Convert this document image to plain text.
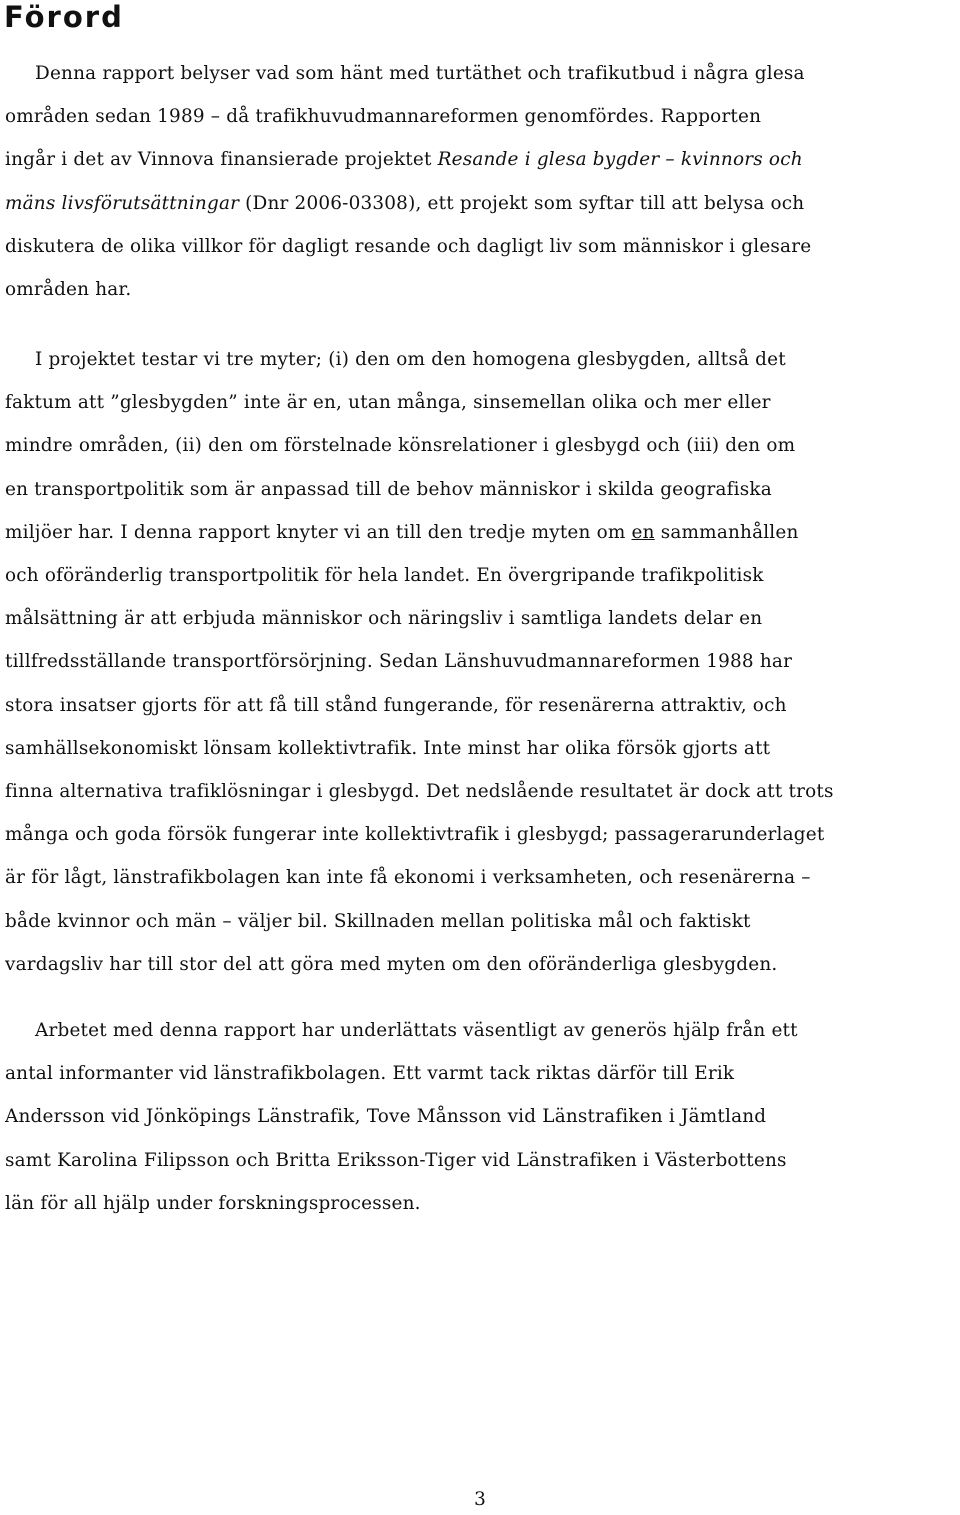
Förord
Denna rapport belyser vad som hänt med turtäthet och trafikutbud i några glesa
områden sedan 1989 – då trafikhuvudmannareformen genomfördes. Rapporten
ingår i det av Vinnova finansierade projektet Resande i glesa bygder – kvinnors och
mäns livsförutsättningar (Dnr 2006-03308), ett projekt som syftar till att belysa och
diskutera de olika villkor för dagligt resande och dagligt liv som människor i glesare
områden har.
I projektet testar vi tre myter; (i) den om den homogena glesbygden, alltså det
faktum att ”glesbygden” inte är en, utan många, sinsemellan olika och mer eller
mindre områden, (ii) den om förstelnade könsrelationer i glesbygd och (iii) den om
en transportpolitik som är anpassad till de behov människor i skilda geografiska
miljöer har. I denna rapport knyter vi an till den tredje myten om en sammanhållen
och oföränderlig transportpolitik för hela landet. En övergripande trafikpolitisk
målsättning är att erbjuda människor och näringsliv i samtliga landets delar en
tillfredsställande transportförsörjning. Sedan Länshuvudmannareformen 1988 har
stora insatser gjorts för att få till stånd fungerande, för resenärerna attraktiv, och
samhällsekonomiskt lönsam kollektivtrafik. Inte minst har olika försök gjorts att
finna alternativa trafiklösningar i glesbygd. Det nedslående resultatet är dock att trots
många och goda försök fungerar inte kollektivtrafik i glesbygd; passagerarunderlaget
är för lågt, länstrafikbolagen kan inte få ekonomi i verksamheten, och resenärerna –
både kvinnor och män – väljer bil. Skillnaden mellan politiska mål och faktiskt
vardagsliv har till stor del att göra med myten om den oföränderliga glesbygden.
Arbetet med denna rapport har underlättats väsentligt av generös hjälp från ett
antal informanter vid länstrafikbolagen. Ett varmt tack riktas därför till Erik
Andersson vid Jönköpings Länstrafik, Tove Månsson vid Länstrafiken i Jämtland
samt Karolina Filipsson och Britta Eriksson-Tiger vid Länstrafiken i Västerbottens
län för all hjälp under forskningsprocessen.
3
